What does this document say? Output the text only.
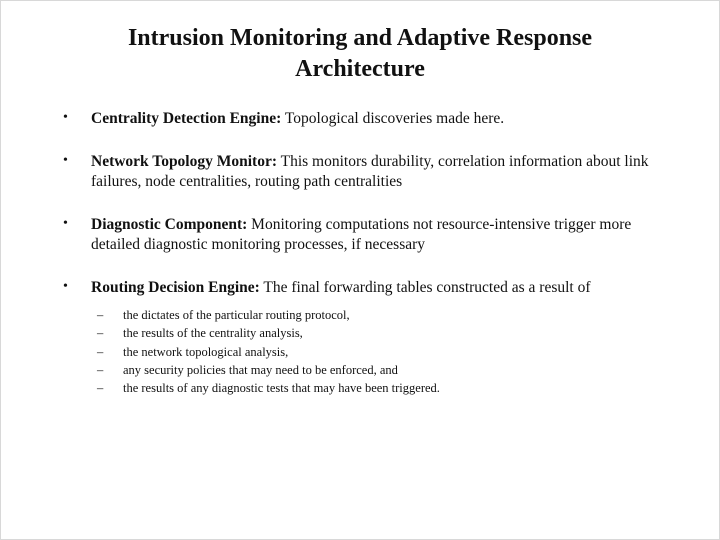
Intrusion Monitoring and Adaptive Response
Architecture
•	Centrality Detection Engine: Topological discoveries made here.
•	Network Topology Monitor: This monitors durability, correlation information about link failures, node centralities, routing path centralities
•	Diagnostic Component: Monitoring computations not resource-intensive trigger more detailed diagnostic monitoring processes, if necessary
•	Routing Decision Engine: The final forwarding tables constructed as a result of
–	the dictates of the particular routing protocol,
–	the results of the centrality analysis,
–	the network topological analysis,
–	any security policies that may need to be enforced, and
–	the results of any diagnostic tests that may have been triggered.
